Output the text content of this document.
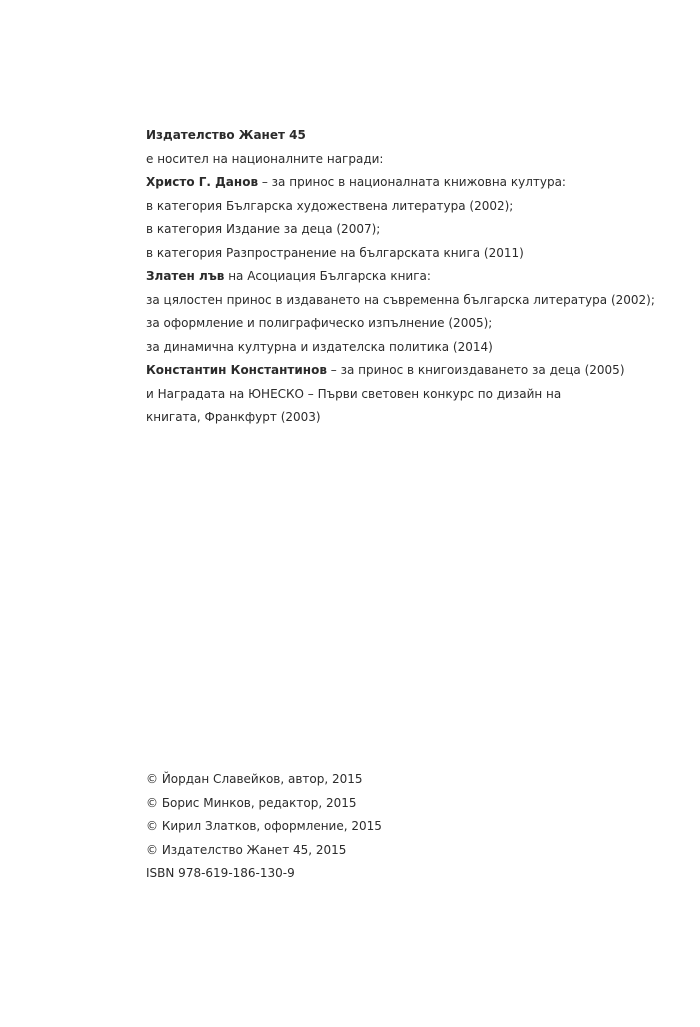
Издателство Жанет 45
е носител на националните награди:
Христо Г. Данов – за принос в националната книжовна култура:
в категория Българска художествена литература (2002);
в категория Издание за деца (2007);
в категория Разпространение на българската книга (2011)
Златен лъв на Асоциация Българска книга:
за цялостен принос в издаването на съвременна българска литература (2002);
за оформление и полиграфическо изпълнение (2005);
за динамична културна и издателска политика (2014)
Константин Константинов – за принос в книгоиздаването за деца (2005)
и Наградата на ЮНЕСКО – Първи световен конкурс по дизайн на
книгата, Франкфурт (2003)
© Йордан Славейков, автор, 2015
© Борис Минков, редактор, 2015
© Кирил Златков, оформление, 2015
© Издателство Жанет 45, 2015
ISBN 978-619-186-130-9
